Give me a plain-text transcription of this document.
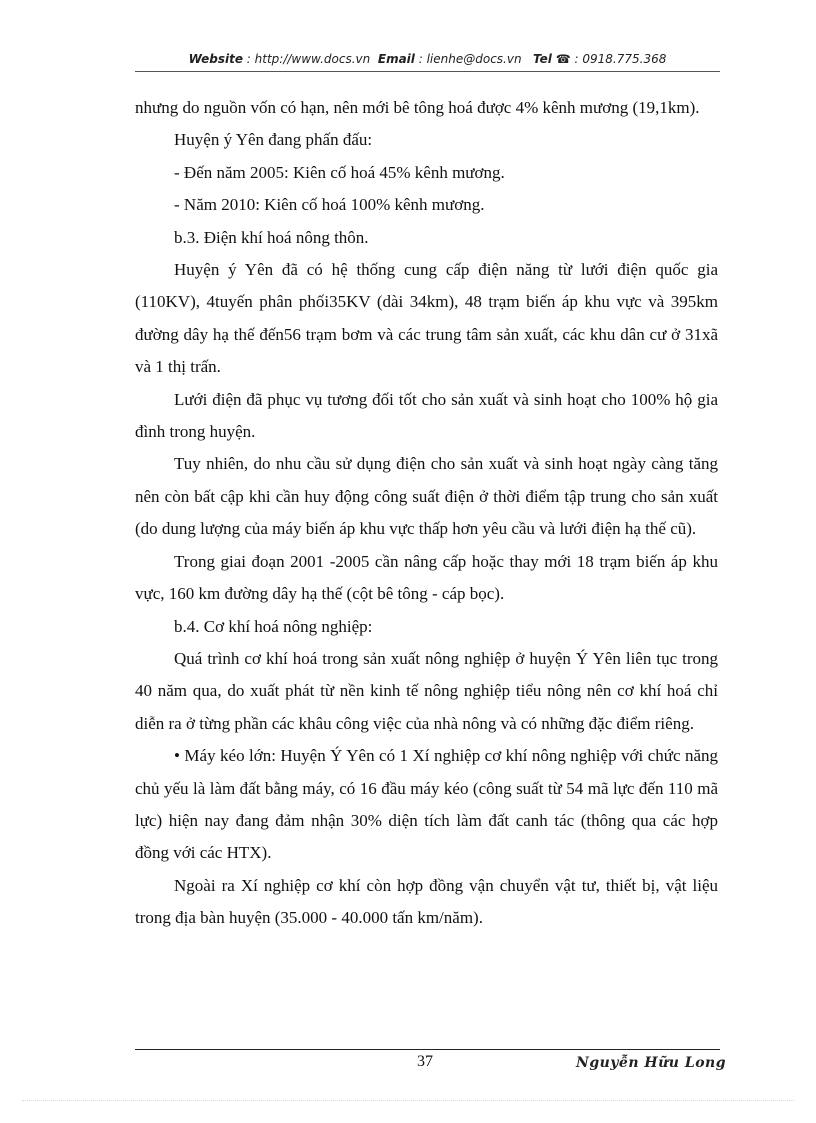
Website : http://www.docs.vn Email : lienhe@docs.vn Tel ☎ : 0918.775.368

nhưng do nguồn vốn có hạn, nên mới bê tông hoá được 4% kênh mương (19,1km).

Huyện ý Yên đang phấn đấu:

- Đến năm 2005: Kiên cố hoá 45% kênh mương.

- Năm 2010: Kiên cố hoá 100% kênh mương.

b.3. Điện khí hoá nông thôn.

Huyện ý Yên đã có hệ thống cung cấp điện năng từ lưới điện quốc gia (110KV), 4tuyến phân phối35KV (dài 34km), 48 trạm biến áp khu vực và 395km đường dây hạ thế đến56 trạm bơm và các trung tâm sản xuất, các khu dân cư ở 31xã và 1 thị trấn.

Lưới điện đã phục vụ tương đối tốt cho sản xuất và sinh hoạt cho 100% hộ gia đình trong huyện.

Tuy nhiên, do nhu cầu sử dụng điện cho sản xuất và sinh hoạt ngày càng tăng nên còn bất cập khi cần huy động công suất điện ở thời điểm tập trung cho sản xuất (do dung lượng của máy biến áp khu vực thấp hơn yêu cầu và lưới điện hạ thế cũ).

Trong giai đoạn 2001 -2005 cần nâng cấp hoặc thay mới 18 trạm biến áp khu vực, 160 km đường dây hạ thế (cột bê tông - cáp bọc).

b.4. Cơ khí hoá nông nghiệp:

Quá trình cơ khí hoá trong sản xuất nông nghiệp ở huyện Ý Yên liên tục trong 40 năm qua, do xuất phát từ nền kinh tế nông nghiệp tiểu nông nên cơ khí hoá chỉ diễn ra ở từng phần các khâu công việc của nhà nông và có những đặc điểm riêng.

• Máy kéo lớn: Huyện Ý Yên có 1 Xí nghiệp cơ khí nông nghiệp với chức năng chủ yếu là làm đất bằng máy, có 16 đầu máy kéo (công suất từ 54 mã lực đến 110 mã lực) hiện nay đang đảm nhận 30% diện tích làm đất canh tác (thông qua các hợp đồng với các HTX).

Ngoài ra Xí nghiệp cơ khí còn hợp đồng vận chuyển vật tư, thiết bị, vật liệu trong địa bàn huyện (35.000 - 40.000 tấn km/năm).

37	Nguyễn Hữu Long
